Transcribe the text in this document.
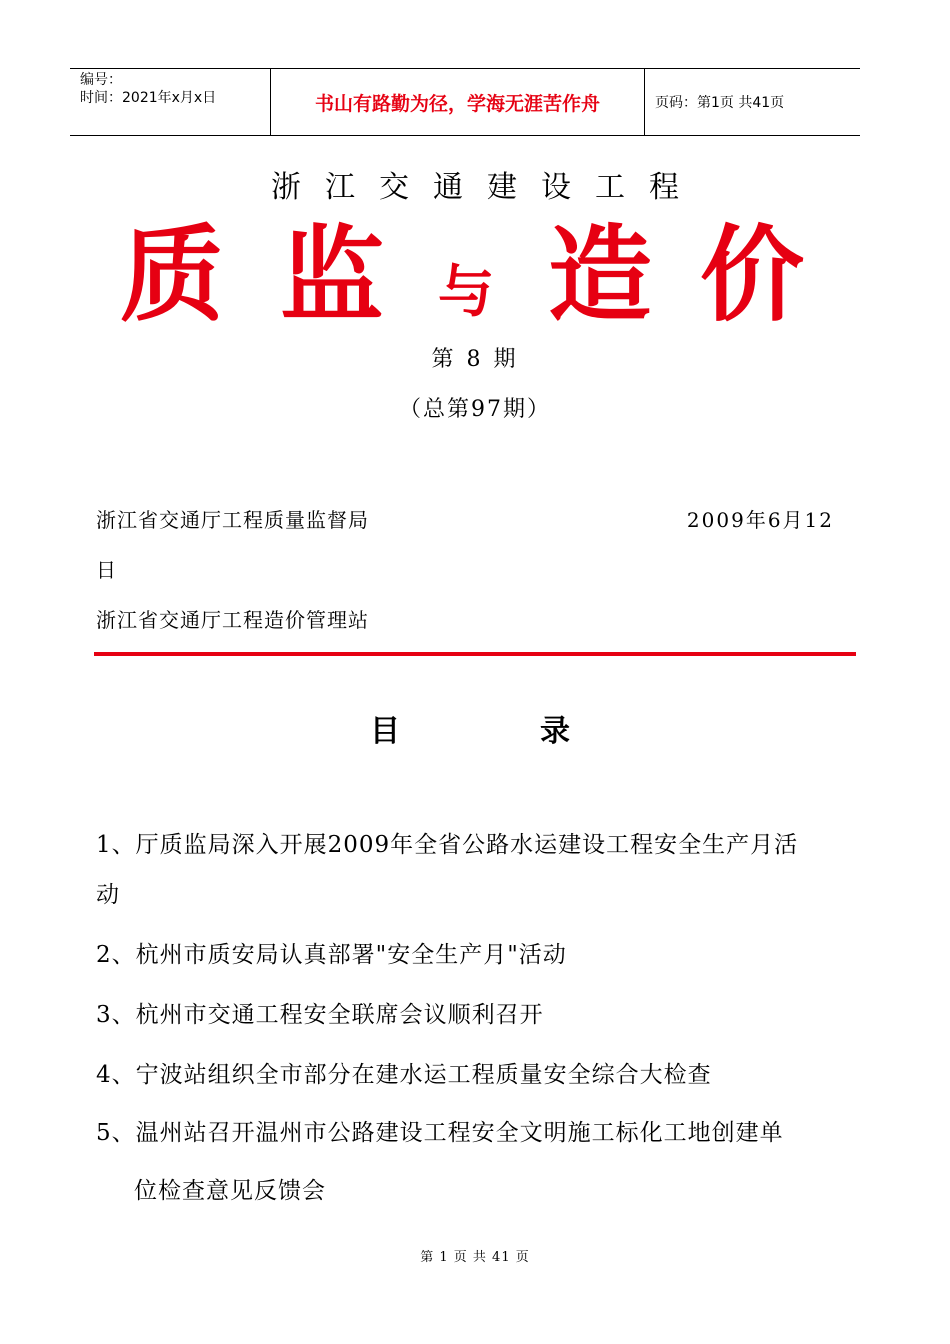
编号：
时间：2021年x月x日	书山有路勤为径，学海无涯苦作舟	页码：第1页 共41页
浙江交通建设工程
质 监 与 造 价
第 8 期
（总第97期）
浙江省交通厅工程质量监督局	2009年6月12
日
浙江省交通厅工程造价管理站
目	录
1、厅质监局深入开展2009年全省公路水运建设工程安全生产月活
动
2、杭州市质安局认真部署"安全生产月"活动
3、杭州市交通工程安全联席会议顺利召开
4、宁波站组织全市部分在建水运工程质量安全综合大检查
5、温州站召开温州市公路建设工程安全文明施工标化工地创建单
位检查意见反馈会
第 1 页 共 41 页
